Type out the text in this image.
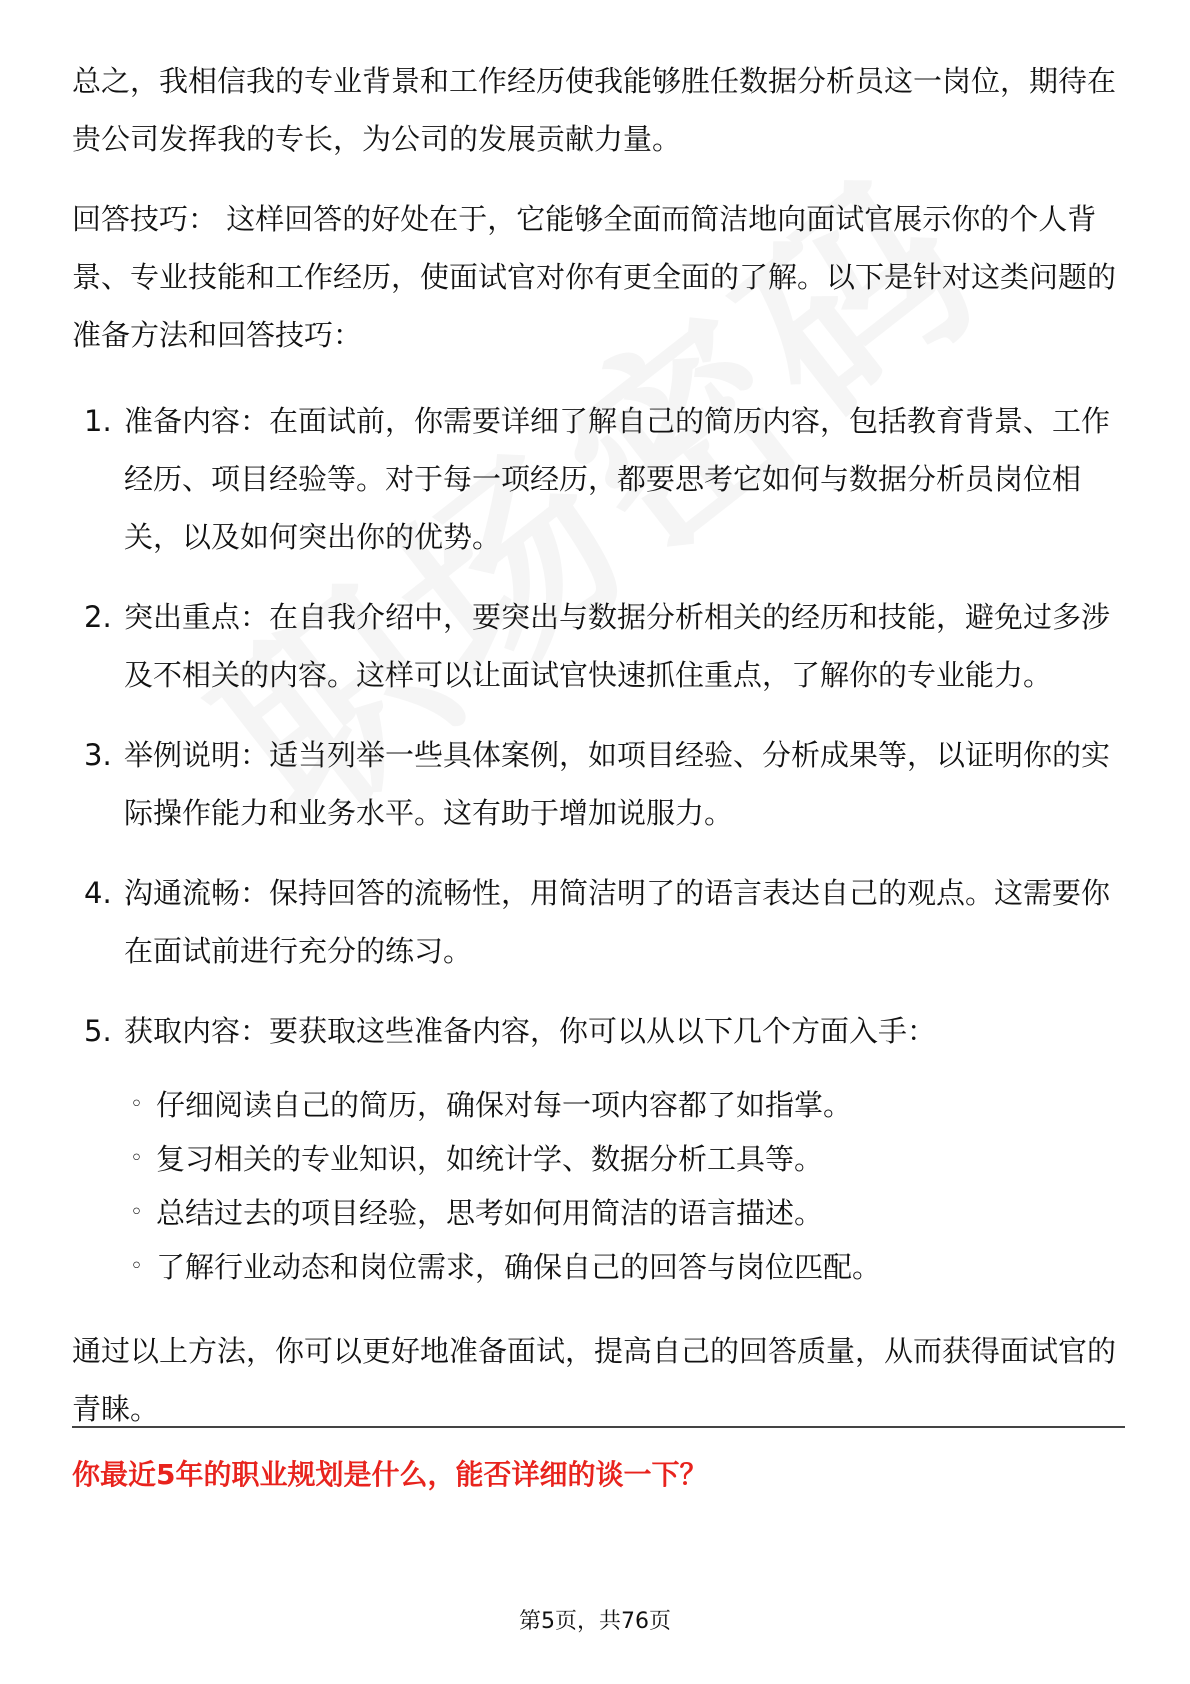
总之，我相信我的专业背景和工作经历使我能够胜任数据分析员这一岗位，期待在贵公司发挥我的专长，为公司的发展贡献力量。

回答技巧： 这样回答的好处在于，它能够全面而简洁地向面试官展示你的个人背景、专业技能和工作经历，使面试官对你有更全面的了解。以下是针对这类问题的准备方法和回答技巧：

1. 准备内容：在面试前，你需要详细了解自己的简历内容，包括教育背景、工作经历、项目经验等。对于每一项经历，都要思考它如何与数据分析员岗位相关，以及如何突出你的优势。
2. 突出重点：在自我介绍中，要突出与数据分析相关的经历和技能，避免过多涉及不相关的内容。这样可以让面试官快速抓住重点，了解你的专业能力。
3. 举例说明：适当列举一些具体案例，如项目经验、分析成果等，以证明你的实际操作能力和业务水平。这有助于增加说服力。
4. 沟通流畅：保持回答的流畅性，用简洁明了的语言表达自己的观点。这需要你在面试前进行充分的练习。
5. 获取内容：要获取这些准备内容，你可以从以下几个方面入手：
◦ 仔细阅读自己的简历，确保对每一项内容都了如指掌。
◦ 复习相关的专业知识，如统计学、数据分析工具等。
◦ 总结过去的项目经验，思考如何用简洁的语言描述。
◦ 了解行业动态和岗位需求，确保自己的回答与岗位匹配。

通过以上方法，你可以更好地准备面试，提高自己的回答质量，从而获得面试官的青睐。

你最近5年的职业规划是什么，能否详细的谈一下？
第5页，共76页
